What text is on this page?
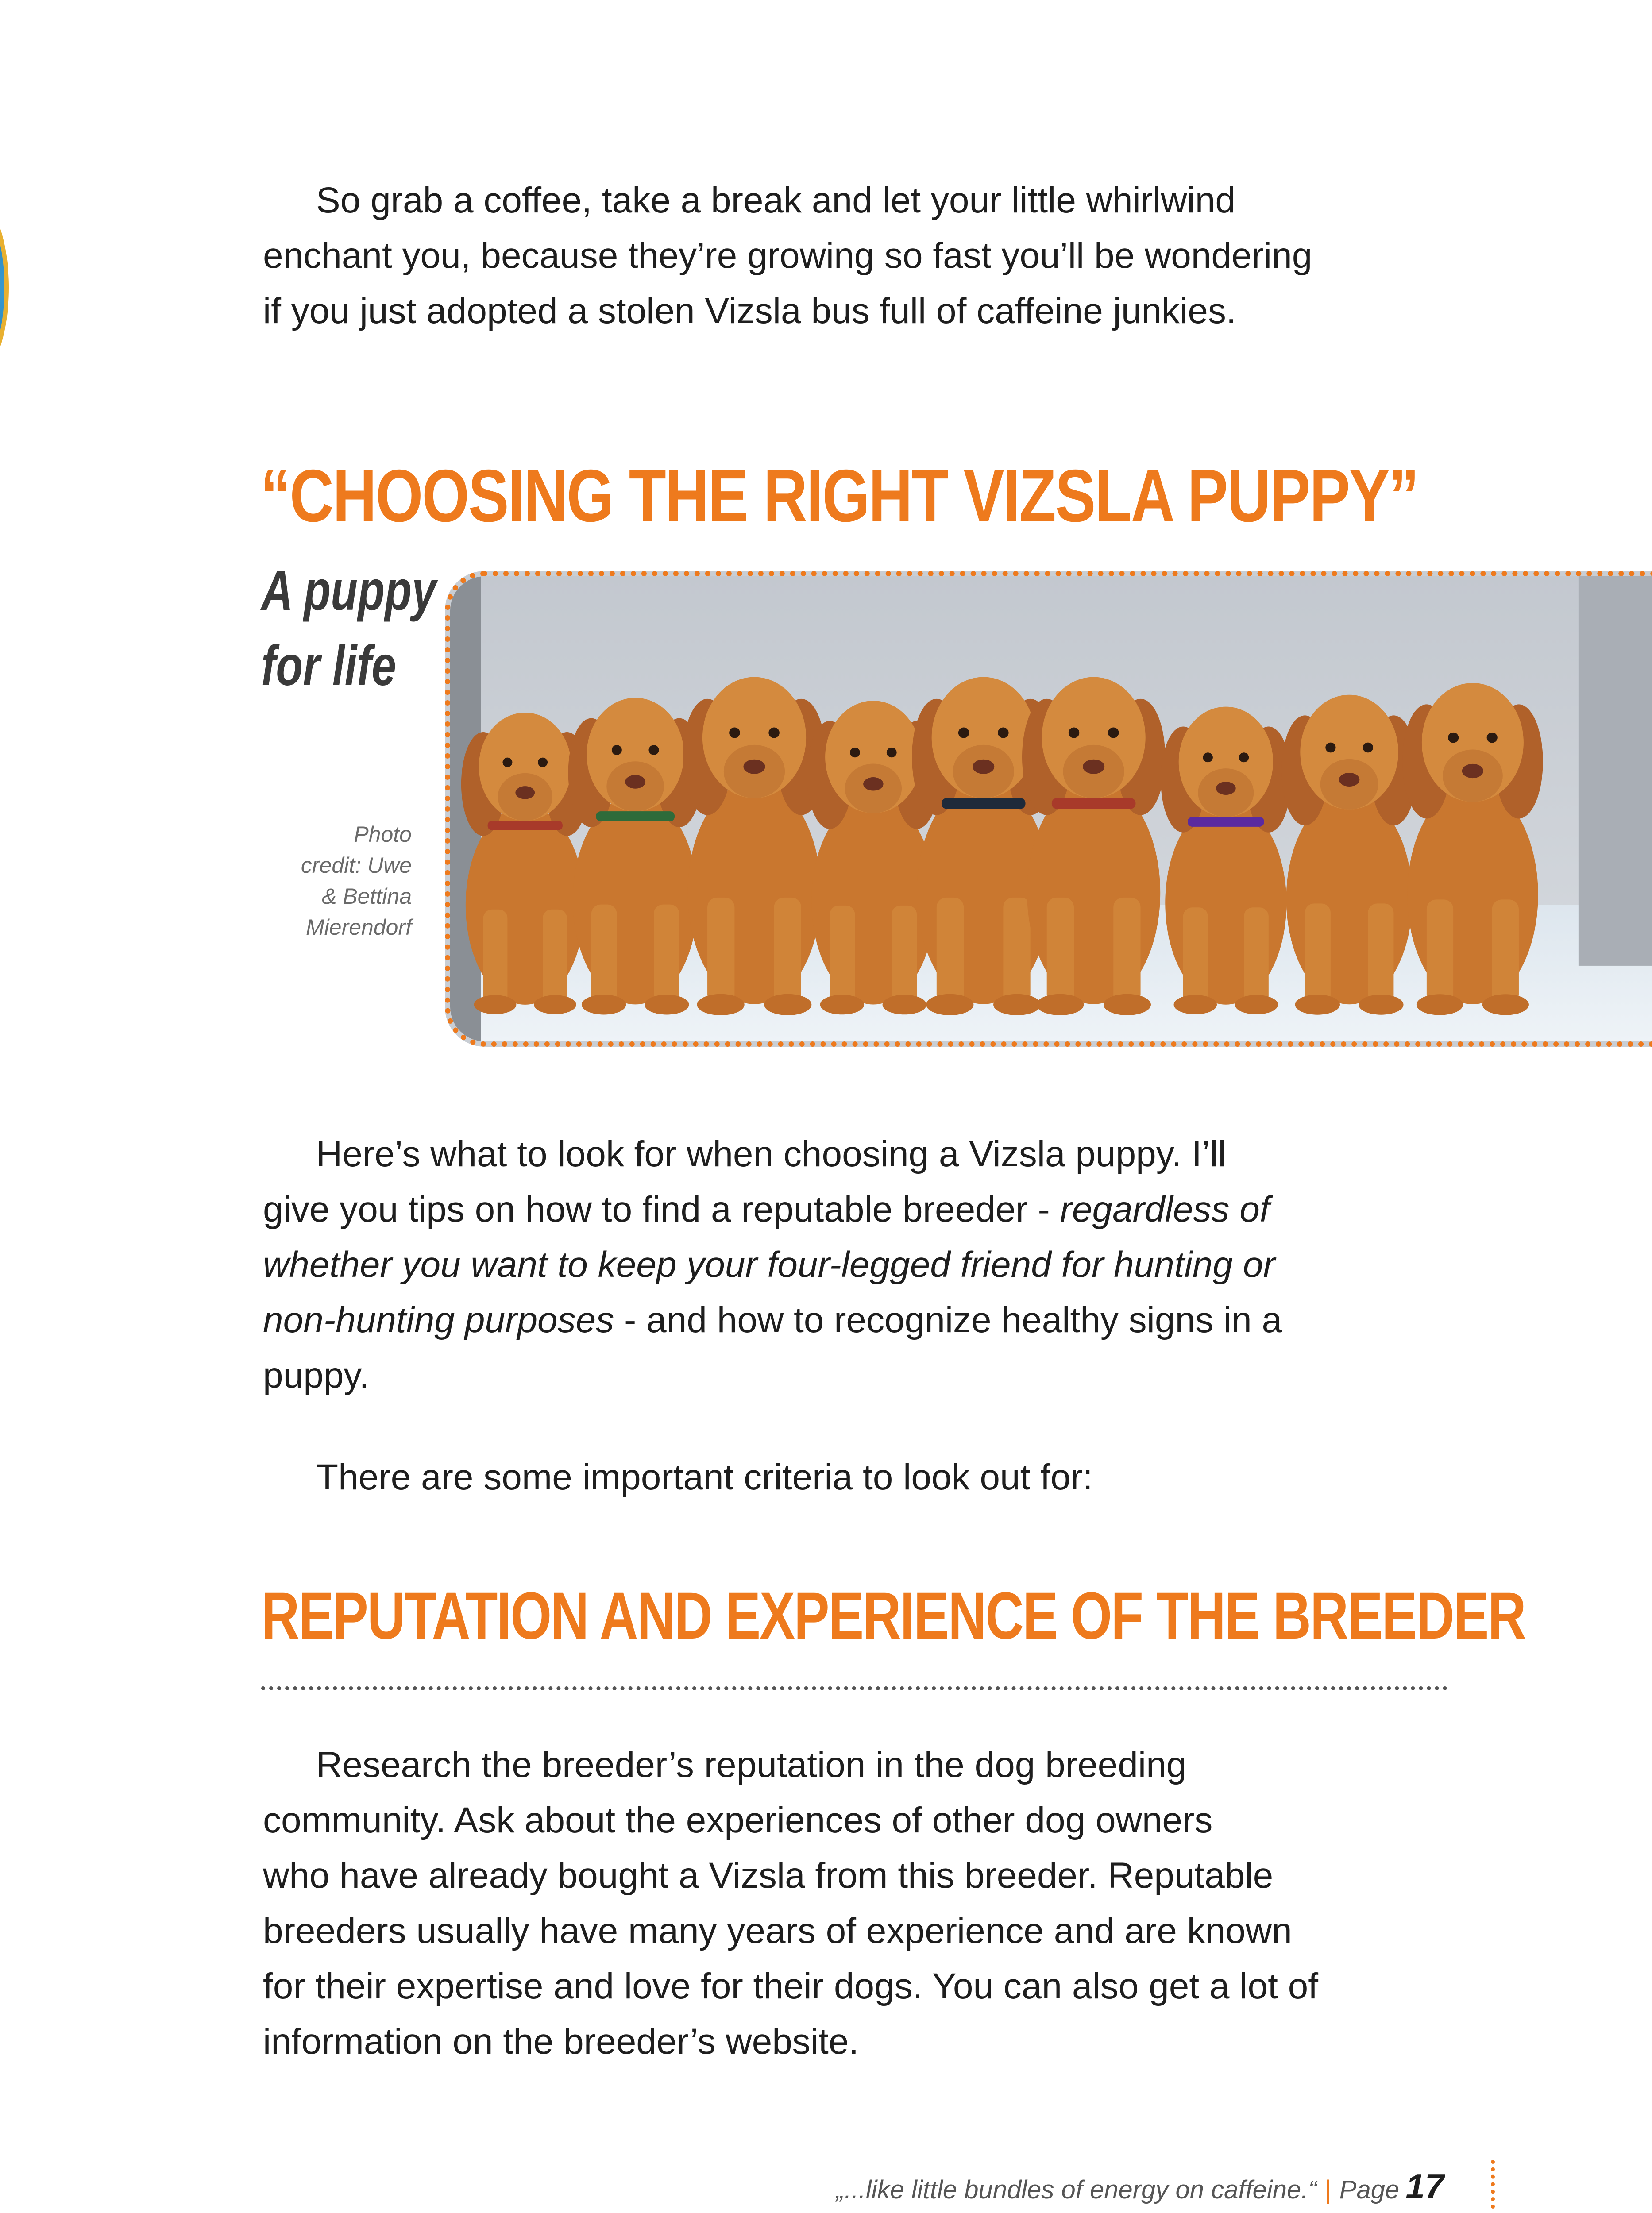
So grab a coffee, take a break and let your little whirlwind
enchant you, because they’re growing so fast you’ll be wondering
if you just adopted a stolen Vizsla bus full of caffeine junkies.

“CHOOSING THE RIGHT VIZSLA PUPPY”
A puppy
for life
Photo
credit: Uwe
& Bettina
Mierendorf

Here’s what to look for when choosing a Vizsla puppy. I’ll
give you tips on how to find a reputable breeder - regardless of
whether you want to keep your four-legged friend for hunting or
non-hunting purposes - and how to recognize healthy signs in a
puppy.

There are some important criteria to look out for:

REPUTATION AND EXPERIENCE OF THE BREEDER

Research the breeder’s reputation in the dog breeding
community. Ask about the experiences of other dog owners
who have already bought a Vizsla from this breeder. Reputable
breeders usually have many years of experience and are known
for their expertise and love for their dogs. You can also get a lot of
information on the breeder’s website.

„...like little bundles of energy on caffeine.“ | Page 17
